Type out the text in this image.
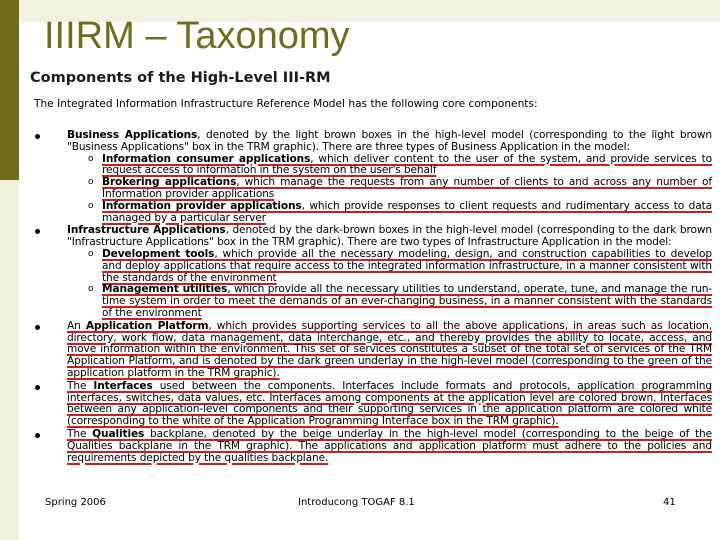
IIIRM – Taxonomy
Components of the High-Level III-RM
The Integrated Information Infrastructure Reference Model has the following core components:
Business Applications, denoted by the light brown boxes in the high-level model (corresponding to the light brown "Business Applications" box in the TRM graphic). There are three types of Business Application in the model:
o Information consumer applications, which deliver content to the user of the system, and provide services to request access to information in the system on the user's behalf
o Brokering applications, which manage the requests from any number of clients to and across any number of Information provider applications
o Information provider applications, which provide responses to client requests and rudimentary access to data managed by a particular server
Infrastructure Applications, denoted by the dark-brown boxes in the high-level model (corresponding to the dark brown "Infrastructure Applications" box in the TRM graphic). There are two types of Infrastructure Application in the model:
o Development tools, which provide all the necessary modeling, design, and construction capabilities to develop and deploy applications that require access to the integrated information infrastructure, in a manner consistent with the standards of the environment
o Management utilities, which provide all the necessary utilities to understand, operate, tune, and manage the run-time system in order to meet the demands of an ever-changing business, in a manner consistent with the standards of the environment
An Application Platform, which provides supporting services to all the above applications, in areas such as location, directory, work flow, data management, data interchange, etc., and thereby provides the ability to locate, access, and move information within the environment. This set of services constitutes a subset of the total set of services of the TRM Application Platform, and is denoted by the dark green underlay in the high-level model (corresponding to the green of the application platform in the TRM graphic).
The Interfaces used between the components. Interfaces include formats and protocols, application programming interfaces, switches, data values, etc. Interfaces among components at the application level are colored brown. Interfaces between any application-level components and their supporting services in the application platform are colored white (corresponding to the white of the Application Programming Interface box in the TRM graphic).
The Qualities backplane, denoted by the beige underlay in the high-level model (corresponding to the beige of the Qualities backplane in the TRM graphic). The applications and application platform must adhere to the policies and requirements depicted by the qualities backplane.
Spring 2006	Introducong TOGAF 8.1	41
